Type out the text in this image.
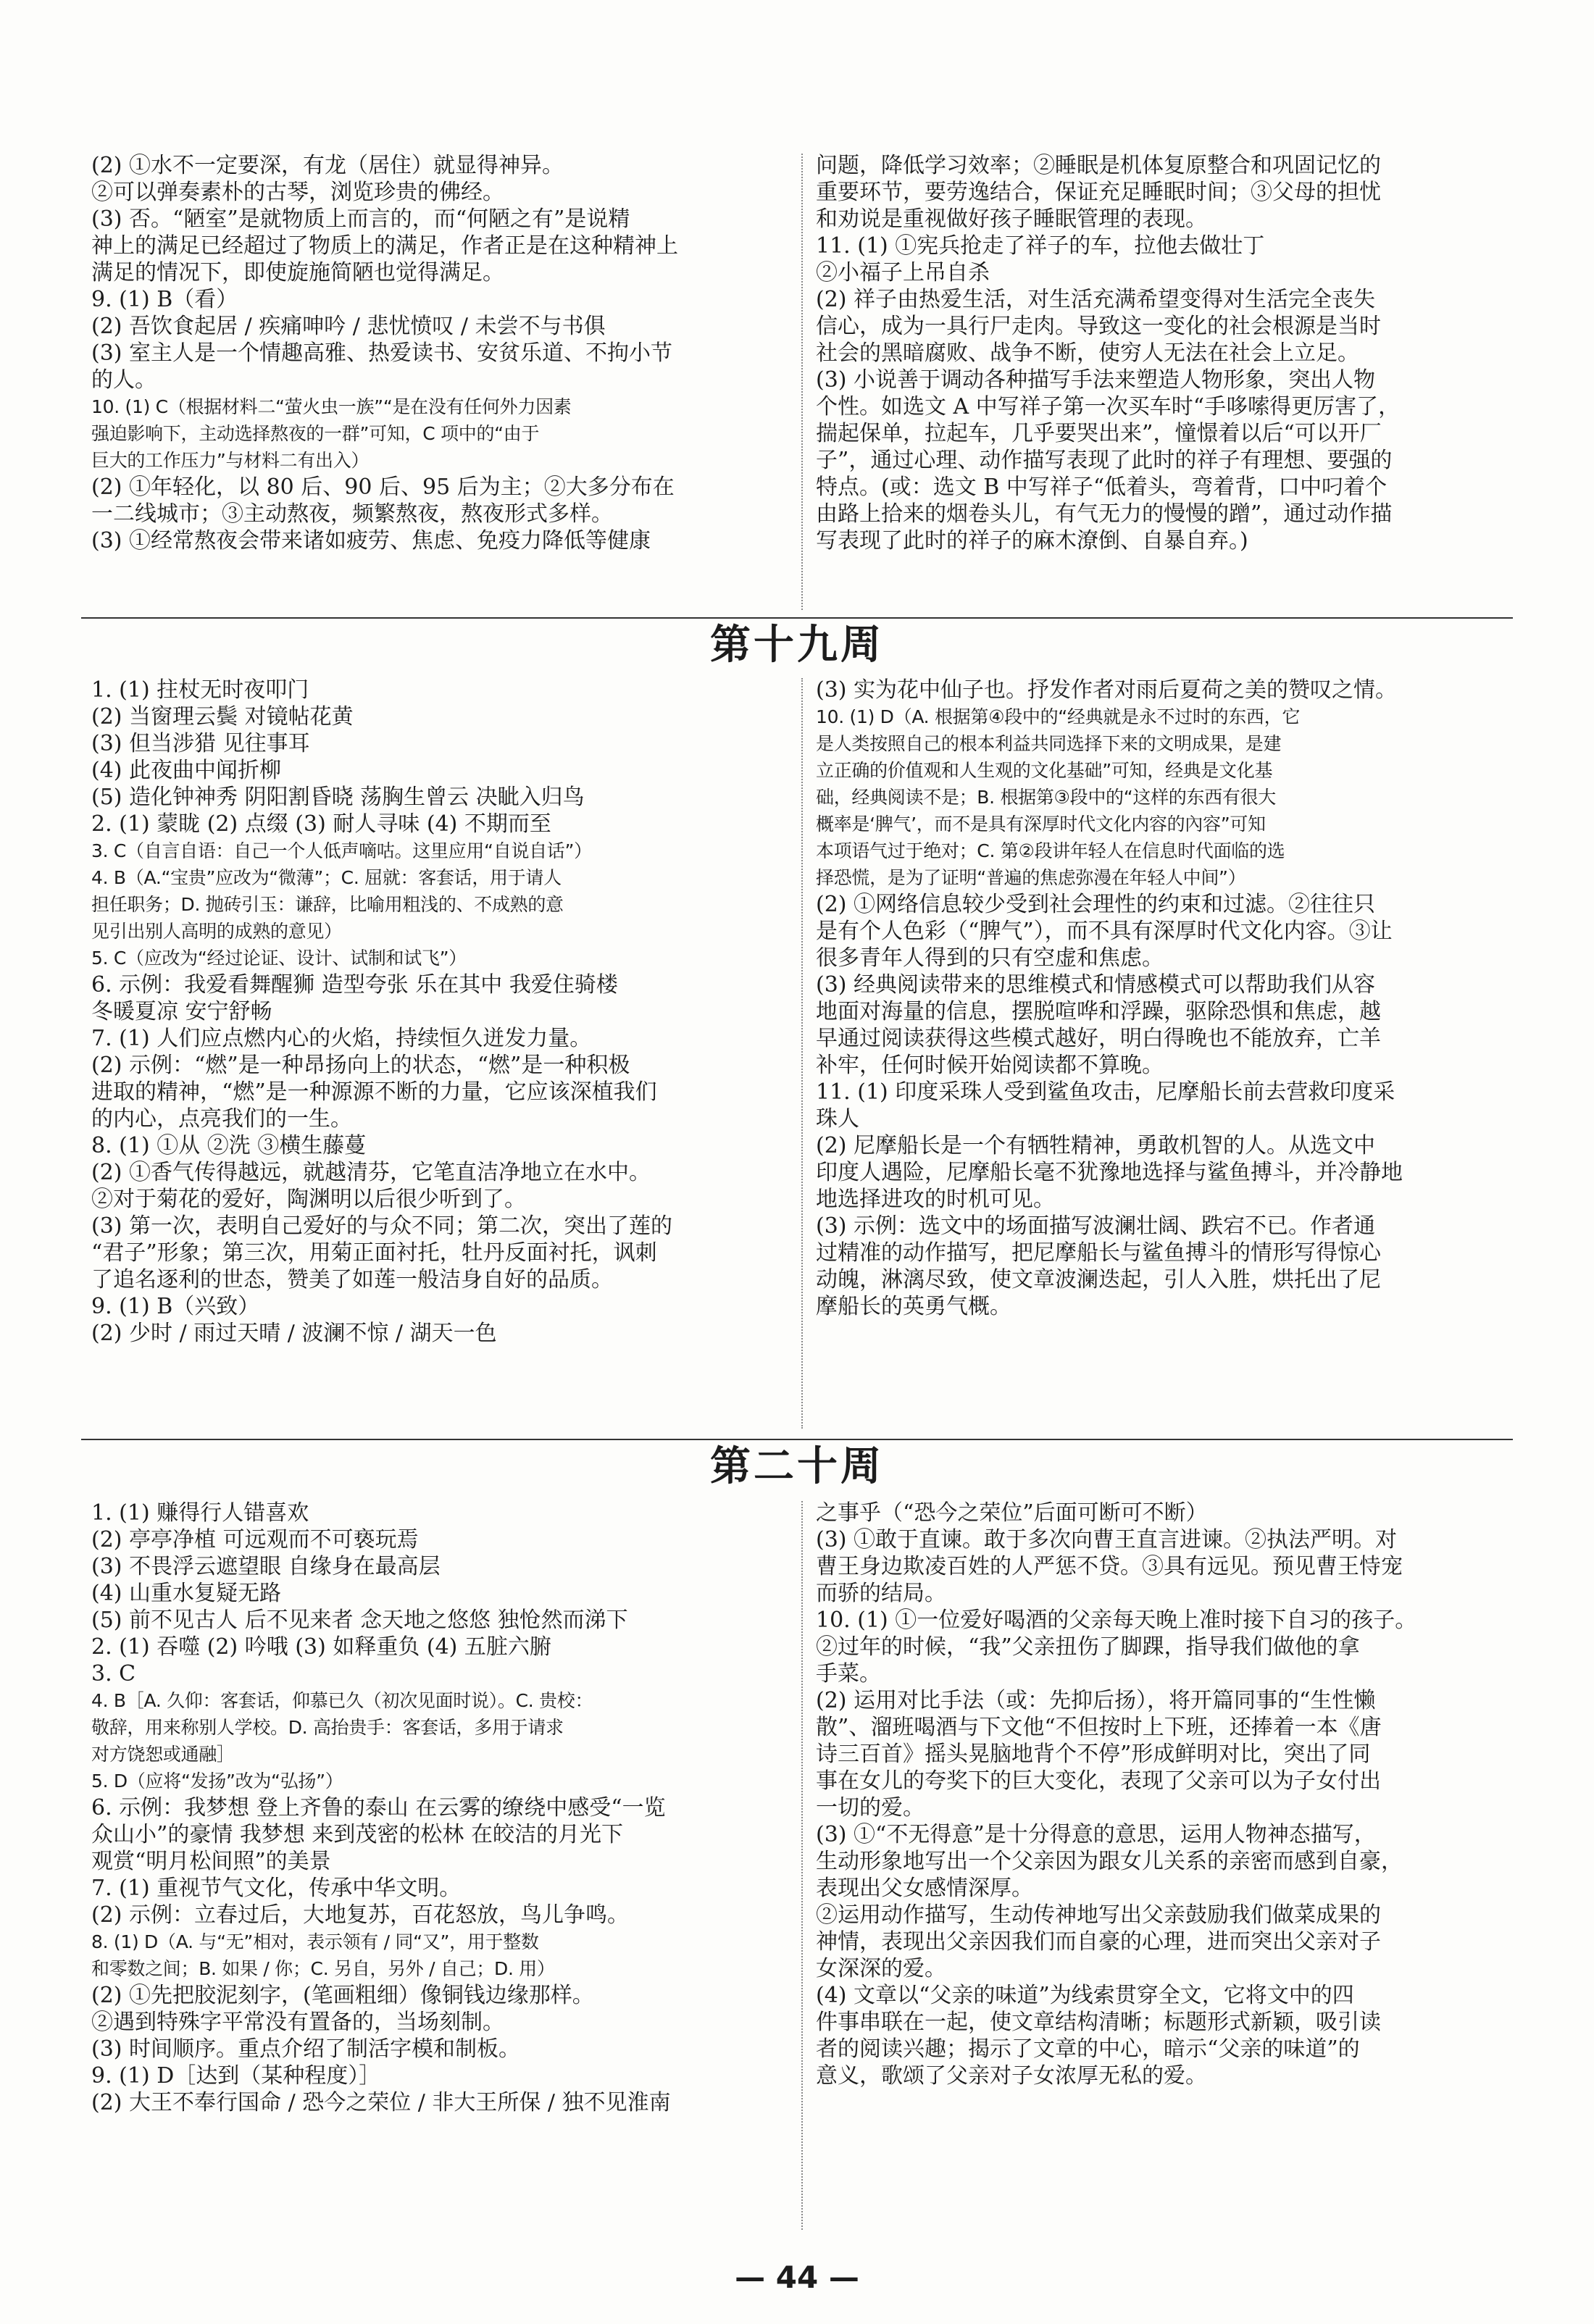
(2) ①水不一定要深，有龙（居住）就显得神异。

②可以弹奏素朴的古琴，浏览珍贵的佛经。

(3) 否。“陋室”是就物质上而言的，而“何陋之有”是说精

神上的满足已经超过了物质上的满足，作者正是在这种精神上

满足的情况下，即使旋施简陋也觉得满足。

9. (1) B（看）

(2) 吾饮食起居 / 疾痛呻吟 / 悲忧愤叹 / 未尝不与书俱

(3) 室主人是一个情趣高雅、热爱读书、安贫乐道、不拘小节

的人。

10. (1) C（根据材料二“萤火虫一族”“是在没有任何外力因素

强迫影响下，主动选择熬夜的一群”可知，C 项中的“由于

巨大的工作压力”与材料二有出入）

(2) ①年轻化，以 80 后、90 后、95 后为主；②大多分布在

一二线城市；③主动熬夜，频繁熬夜，熬夜形式多样。

(3) ①经常熬夜会带来诸如疲劳、焦虑、免疫力降低等健康

问题，降低学习效率；②睡眠是机体复原整合和巩固记忆的

重要环节，要劳逸结合，保证充足睡眠时间；③父母的担忧

和劝说是重视做好孩子睡眠管理的表现。

11. (1) ①宪兵抢走了祥子的车，拉他去做壮丁

②小福子上吊自杀

(2) 祥子由热爱生活，对生活充满希望变得对生活完全丧失

信心，成为一具行尸走肉。导致这一变化的社会根源是当时

社会的黑暗腐败、战争不断，使穷人无法在社会上立足。

(3) 小说善于调动各种描写手法来塑造人物形象，突出人物

个性。如选文 A 中写祥子第一次买车时“手哆嗦得更厉害了，

揣起保单，拉起车，几乎要哭出来”，憧憬着以后“可以开厂

子”，通过心理、动作描写表现了此时的祥子有理想、要强的

特点。(或：选文 B 中写祥子“低着头，弯着背，口中叼着个

由路上拾来的烟卷头儿，有气无力的慢慢的蹭”，通过动作描

写表现了此时的祥子的麻木潦倒、自暴自弃。)

第十九周

1. (1) 拄杖无时夜叩门

(2) 当窗理云鬓 对镜帖花黄

(3) 但当涉猎 见往事耳

(4) 此夜曲中闻折柳

(5) 造化钟神秀 阴阳割昏晓 荡胸生曾云 决眦入归鸟

2. (1) 蒙眬 (2) 点缀 (3) 耐人寻味 (4) 不期而至

3. C（自言自语：自己一个人低声嘀咕。这里应用“自说自话”）

4. B（A.“宝贵”应改为“微薄”；C. 屈就：客套话，用于请人

担任职务；D. 抛砖引玉：谦辞，比喻用粗浅的、不成熟的意

见引出别人高明的成熟的意见）

5. C（应改为“经过论证、设计、试制和试飞”）

6. 示例：我爱看舞醒狮 造型夸张 乐在其中 我爱住骑楼

冬暖夏凉 安宁舒畅

7. (1) 人们应点燃内心的火焰，持续恒久迸发力量。

(2) 示例：“燃”是一种昂扬向上的状态，“燃”是一种积极

进取的精神，“燃”是一种源源不断的力量，它应该深植我们

的内心，点亮我们的一生。

8. (1) ①从 ②洗 ③横生藤蔓

(2) ①香气传得越远，就越清芬，它笔直洁净地立在水中。

②对于菊花的爱好，陶渊明以后很少听到了。

(3) 第一次，表明自己爱好的与众不同；第二次，突出了莲的

“君子”形象；第三次，用菊正面衬托，牡丹反面衬托，讽刺

了追名逐利的世态，赞美了如莲一般洁身自好的品质。

9. (1) B（兴致）

(2) 少时 / 雨过天晴 / 波澜不惊 / 湖天一色

(3) 实为花中仙子也。抒发作者对雨后夏荷之美的赞叹之情。

10. (1) D（A. 根据第④段中的“经典就是永不过时的东西，它

是人类按照自己的根本利益共同选择下来的文明成果，是建

立正确的价值观和人生观的文化基础”可知，经典是文化基

础，经典阅读不是；B. 根据第③段中的“这样的东西有很大

概率是‘脾气’，而不是具有深厚时代文化内容的內容”可知

本项语气过于绝对；C. 第②段讲年轻人在信息时代面临的选

择恐慌，是为了证明“普遍的焦虑弥漫在年轻人中间”）

(2) ①网络信息较少受到社会理性的约束和过滤。②往往只

是有个人色彩（“脾气”），而不具有深厚时代文化内容。③让

很多青年人得到的只有空虚和焦虑。

(3) 经典阅读带来的思维模式和情感模式可以帮助我们从容

地面对海量的信息，摆脱喧哗和浮躁，驱除恐惧和焦虑，越

早通过阅读获得这些模式越好，明白得晚也不能放弃，亡羊

补牢，任何时候开始阅读都不算晚。

11. (1) 印度采珠人受到鲨鱼攻击，尼摩船长前去营救印度采

珠人

(2) 尼摩船长是一个有牺牲精神，勇敢机智的人。从选文中

印度人遇险，尼摩船长毫不犹豫地选择与鲨鱼搏斗，并冷静地

地选择进攻的时机可见。

(3) 示例：选文中的场面描写波澜壮阔、跌宕不已。作者通

过精准的动作描写，把尼摩船长与鲨鱼搏斗的情形写得惊心

动魄，淋漓尽致，使文章波澜迭起，引人入胜，烘托出了尼

摩船长的英勇气概。

第二十周

1. (1) 赚得行人错喜欢

(2) 亭亭净植 可远观而不可亵玩焉

(3) 不畏浮云遮望眼 自缘身在最高层

(4) 山重水复疑无路

(5) 前不见古人 后不见来者 念天地之悠悠 独怆然而涕下

2. (1) 吞噬 (2) 吟哦 (3) 如释重负 (4) 五脏六腑

3. C

4. B［A. 久仰：客套话，仰慕已久（初次见面时说）。C. 贵校：

敬辞，用来称别人学校。D. 高抬贵手：客套话，多用于请求

对方饶恕或通融］

5. D（应将“发扬”改为“弘扬”）

6. 示例：我梦想 登上齐鲁的泰山 在云雾的缭绕中感受“一览

众山小”的豪情 我梦想 来到茂密的松林 在皎洁的月光下

观赏“明月松间照”的美景

7. (1) 重视节气文化，传承中华文明。

(2) 示例：立春过后，大地复苏，百花怒放，鸟儿争鸣。

8. (1) D（A. 与“无”相对，表示领有 / 同“又”，用于整数

和零数之间；B. 如果 / 你；C. 另自，另外 / 自己；D. 用）

(2) ①先把胶泥刻字，(笔画粗细）像铜钱边缘那样。

②遇到特殊字平常没有置备的，当场刻制。

(3) 时间顺序。重点介绍了制活字模和制板。

9. (1) D［达到（某种程度）］

(2) 大王不奉行国命 / 恐今之荣位 / 非大王所保 / 独不见淮南

之事乎（“恐今之荣位”后面可断可不断）

(3) ①敢于直谏。敢于多次向曹王直言进谏。②执法严明。对

曹王身边欺凌百姓的人严惩不贷。③具有远见。预见曹王恃宠

而骄的结局。

10. (1) ①一位爱好喝酒的父亲每天晚上准时接下自习的孩子。

②过年的时候，“我”父亲扭伤了脚踝，指导我们做他的拿

手菜。

(2) 运用对比手法（或：先抑后扬），将开篇同事的“生性懒

散”、溜班喝酒与下文他“不但按时上下班，还捧着一本《唐

诗三百首》摇头晃脑地背个不停”形成鲜明对比，突出了同

事在女儿的夸奖下的巨大变化，表现了父亲可以为子女付出

一切的爱。

(3) ①“不无得意”是十分得意的意思，运用人物神态描写，

生动形象地写出一个父亲因为跟女儿关系的亲密而感到自豪，

表现出父女感情深厚。

②运用动作描写，生动传神地写出父亲鼓励我们做菜成果的

神情，表现出父亲因我们而自豪的心理，进而突出父亲对子

女深深的爱。

(4) 文章以“父亲的味道”为线索贯穿全文，它将文中的四

件事串联在一起，使文章结构清晰；标题形式新颖，吸引读

者的阅读兴趣；揭示了文章的中心，暗示“父亲的味道”的

意义，歌颂了父亲对子女浓厚无私的爱。

— 44 —
